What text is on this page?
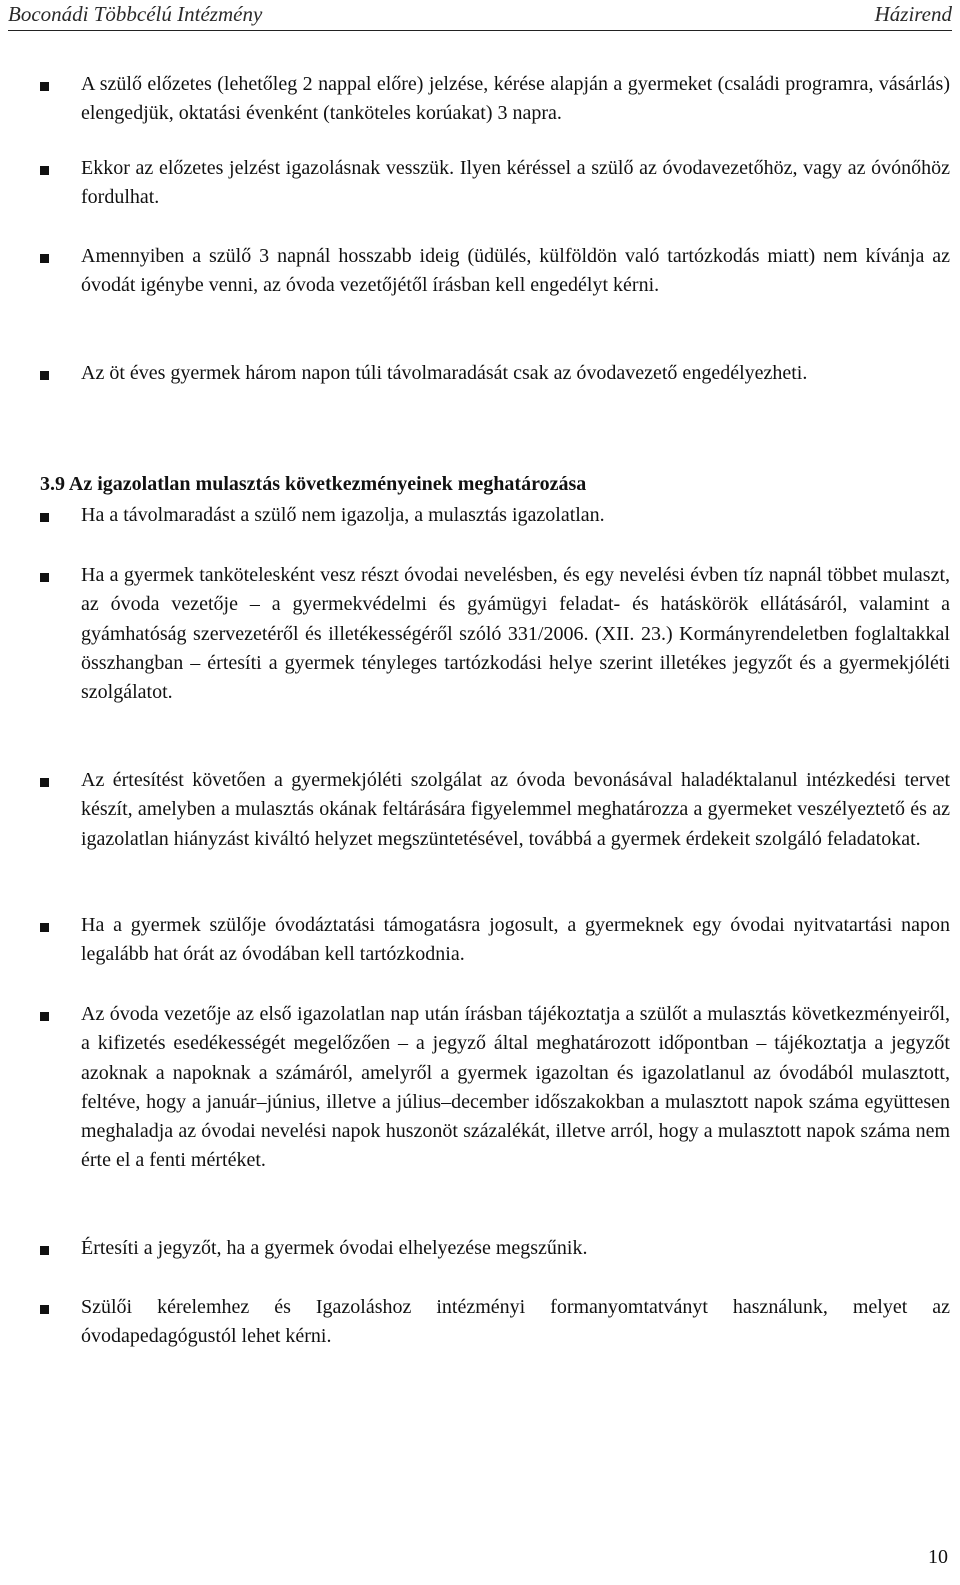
Boconádi Többcélú Intézmény	Házirend
A szülő előzetes (lehetőleg 2 nappal előre) jelzése, kérése alapján a gyermeket (családi programra, vásárlás) elengedjük, oktatási évenként (tanköteles korúakat) 3 napra.
Ekkor az előzetes jelzést igazolásnak vesszük. Ilyen kéréssel a szülő az óvodavezetőhöz, vagy az óvónőhöz fordulhat.
Amennyiben a szülő 3 napnál hosszabb ideig (üdülés, külföldön való tartózkodás miatt) nem kívánja az óvodát igénybe venni, az óvoda vezetőjétől írásban kell engedélyt kérni.
Az öt éves gyermek három napon túli távolmaradását csak az óvodavezető engedélyezheti.
3.9 Az igazolatlan mulasztás következményeinek meghatározása
Ha a távolmaradást a szülő nem igazolja, a mulasztás igazolatlan.
Ha a gyermek tankötelesként vesz részt óvodai nevelésben, és egy nevelési évben tíz napnál többet mulaszt, az óvoda vezetője – a gyermekvédelmi és gyámügyi feladat- és hatáskörök ellátásáról, valamint a gyámhatóság szervezetéről és illetékességéről szóló 331/2006. (XII. 23.) Kormányrendeletben foglaltakkal összhangban – értesíti a gyermek tényleges tartózkodási helye szerint illetékes jegyzőt és a gyermekjóléti szolgálatot.
Az értesítést követően a gyermekjóléti szolgálat az óvoda bevonásával haladéktalanul intézkedési tervet készít, amelyben a mulasztás okának feltárására figyelemmel meghatározza a gyermeket veszélyeztető és az igazolatlan hiányzást kiváltó helyzet megszüntetésével, továbbá a gyermek érdekeit szolgáló feladatokat.
Ha a gyermek szülője óvodáztatási támogatásra jogosult, a gyermeknek egy óvodai nyitvatartási napon legalább hat órát az óvodában kell tartózkodnia.
Az óvoda vezetője az első igazolatlan nap után írásban tájékoztatja a szülőt a mulasztás következményeiről, a kifizetés esedékességét megelőzően – a jegyző által meghatározott időpontban – tájékoztatja a jegyzőt azoknak a napoknak a számáról, amelyről a gyermek igazoltan és igazolatlanul az óvodából mulasztott, feltéve, hogy a január–június, illetve a július–december időszakokban a mulasztott napok száma együttesen meghaladja az óvodai nevelési napok huszonöt százalékát, illetve arról, hogy a mulasztott napok száma nem érte el a fenti mértéket.
Értesíti a jegyzőt, ha a gyermek óvodai elhelyezése megszűnik.
Szülői kérelemhez és Igazoláshoz intézményi formanyomtatványt használunk, melyet az óvodapedagógustól lehet kérni.
10
